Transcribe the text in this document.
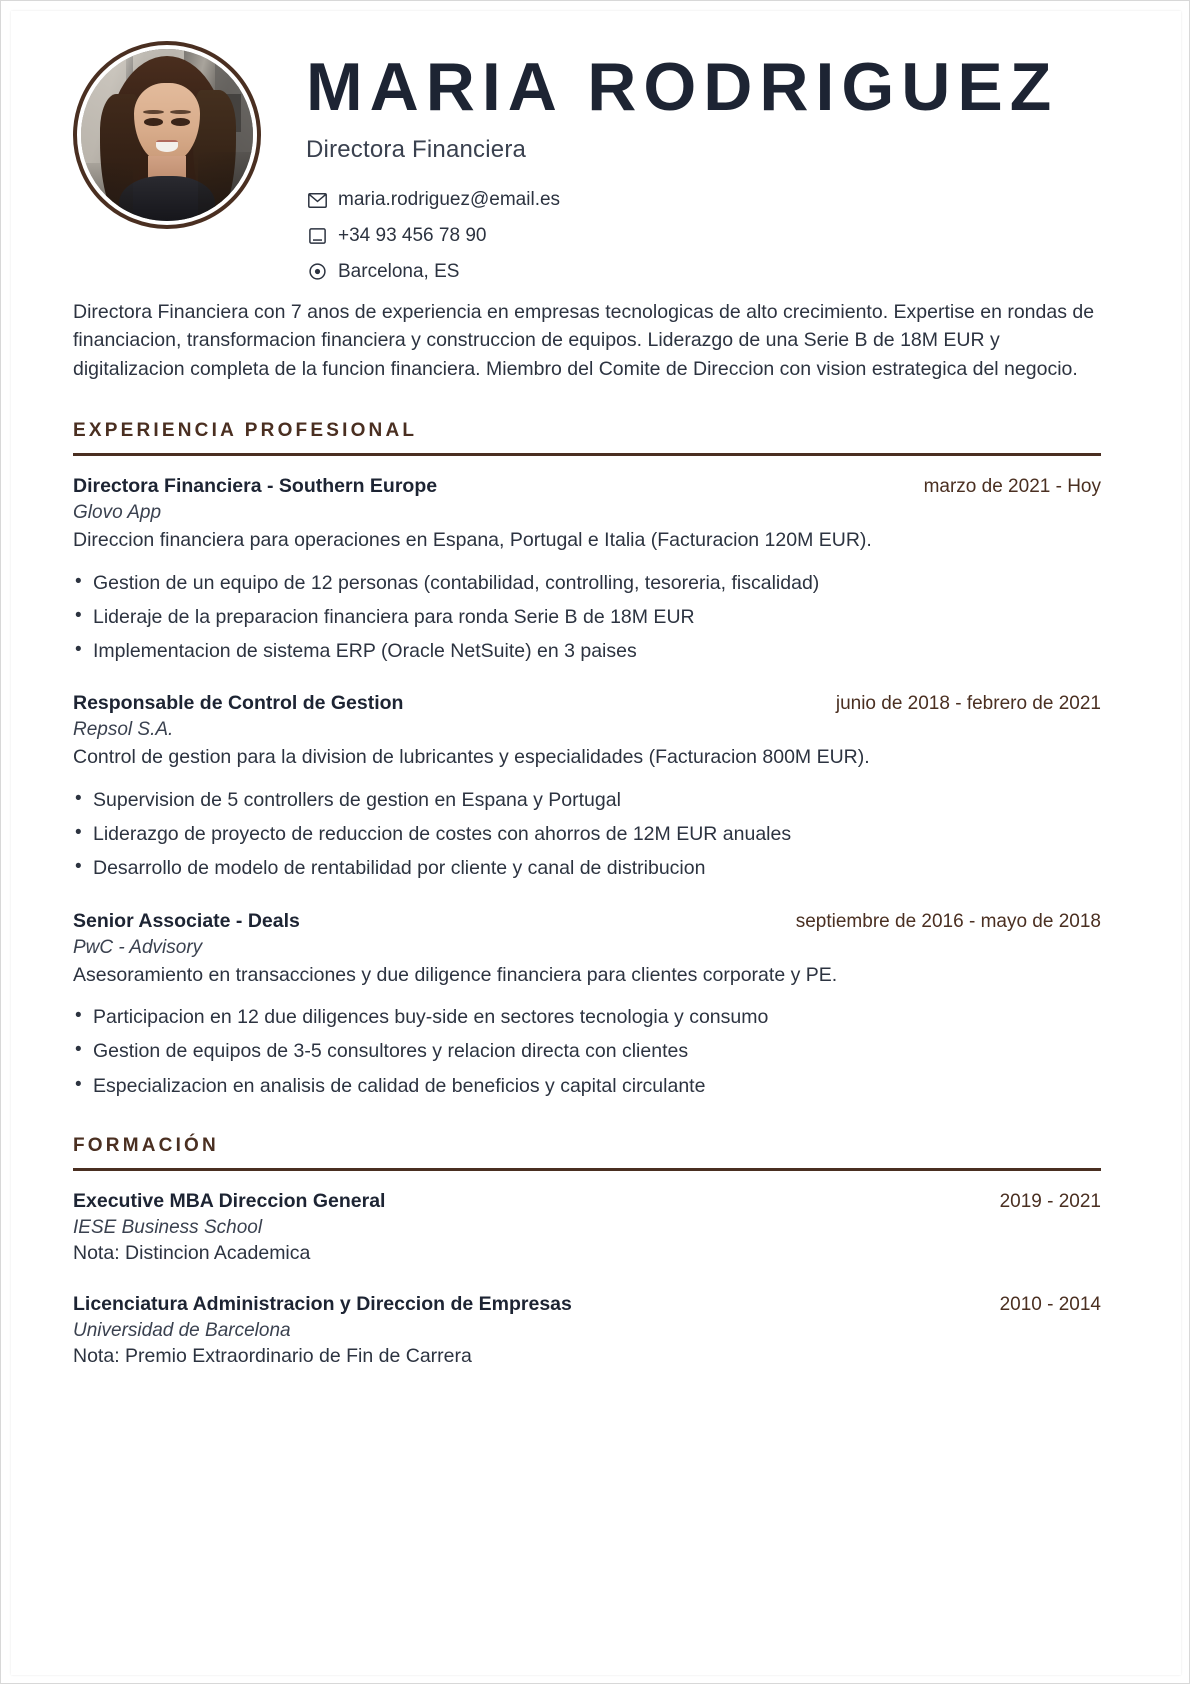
MARIA RODRIGUEZ
Directora Financiera
maria.rodriguez@email.es
+34 93 456 78 90
Barcelona, ES
Directora Financiera con 7 anos de experiencia en empresas tecnologicas de alto crecimiento. Expertise en rondas de financiacion, transformacion financiera y construccion de equipos. Liderazgo de una Serie B de 18M EUR y digitalizacion completa de la funcion financiera. Miembro del Comite de Direccion con vision estrategica del negocio.
EXPERIENCIA PROFESIONAL
Directora Financiera - Southern Europe	marzo de 2021 - Hoy
Glovo App
Direccion financiera para operaciones en Espana, Portugal e Italia (Facturacion 120M EUR).
• Gestion de un equipo de 12 personas (contabilidad, controlling, tesoreria, fiscalidad)
• Lideraje de la preparacion financiera para ronda Serie B de 18M EUR
• Implementacion de sistema ERP (Oracle NetSuite) en 3 paises
Responsable de Control de Gestion	junio de 2018 - febrero de 2021
Repsol S.A.
Control de gestion para la division de lubricantes y especialidades (Facturacion 800M EUR).
• Supervision de 5 controllers de gestion en Espana y Portugal
• Liderazgo de proyecto de reduccion de costes con ahorros de 12M EUR anuales
• Desarrollo de modelo de rentabilidad por cliente y canal de distribucion
Senior Associate - Deals	septiembre de 2016 - mayo de 2018
PwC - Advisory
Asesoramiento en transacciones y due diligence financiera para clientes corporate y PE.
• Participacion en 12 due diligences buy-side en sectores tecnologia y consumo
• Gestion de equipos de 3-5 consultores y relacion directa con clientes
• Especializacion en analisis de calidad de beneficios y capital circulante
FORMACIÓN
Executive MBA Direccion General	2019 - 2021
IESE Business School
Nota: Distincion Academica
Licenciatura Administracion y Direccion de Empresas	2010 - 2014
Universidad de Barcelona
Nota: Premio Extraordinario de Fin de Carrera
